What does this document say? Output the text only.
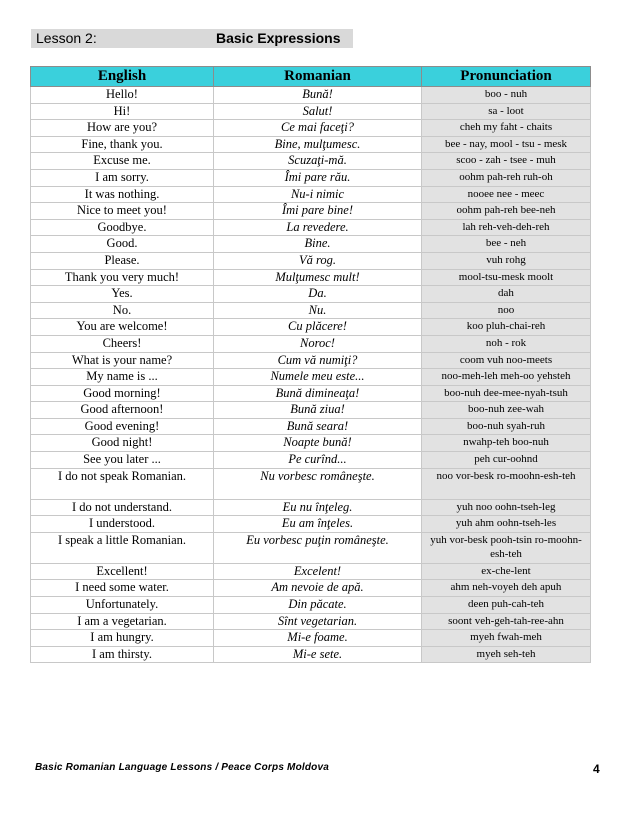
Lesson 2:	Basic Expressions
English	Romanian	Pronunciation
Hello!	Bună!	boo - nuh
Hi!	Salut!	sa - loot
How are you?	Ce mai faceţi?	cheh my faht - chaits
Fine, thank you.	Bine, mulţumesc.	bee - nay, mool - tsu - mesk
Excuse me.	Scuzaţi-mă.	scoo - zah - tsee - muh
I am sorry.	Îmi pare rău.	oohm pah-reh ruh-oh
It was nothing.	Nu-i nimic	nooee nee - meec
Nice to meet you!	Îmi pare bine!	oohm pah-reh bee-neh
Goodbye.	La revedere.	lah reh-veh-deh-reh
Good.	Bine.	bee - neh
Please.	Vă rog.	vuh rohg
Thank you very much!	Mulţumesc mult!	mool-tsu-mesk moolt
Yes.	Da.	dah
No.	Nu.	noo
You are welcome!	Cu plăcere!	koo pluh-chai-reh
Cheers!	Noroc!	noh - rok
What is your name?	Cum vă numiţi?	coom vuh noo-meets
My name is ...	Numele meu este...	noo-meh-leh meh-oo yehsteh
Good morning!	Bună dimineaţa!	boo-nuh dee-mee-nyah-tsuh
Good afternoon!	Bună ziua!	boo-nuh zee-wah
Good evening!	Bună seara!	boo-nuh syah-ruh
Good night!	Noapte bună!	nwahp-teh boo-nuh
See you later ...	Pe curînd...	peh cur-oohnd
I do not speak Romanian.	Nu vorbesc româneşte.	noo vor-besk ro-moohn-esh-teh
I do not understand.	Eu nu înţeleg.	yuh noo oohn-tseh-leg
I understood.	Eu am înţeles.	yuh ahm oohn-tseh-les
I speak a little Romanian.	Eu vorbesc puţin româneşte.	yuh vor-besk pooh-tsin ro-moohn-esh-teh
Excellent!	Excelent!	ex-che-lent
I need some water.	Am nevoie de apă.	ahm neh-voyeh deh apuh
Unfortunately.	Din păcate.	deen puh-cah-teh
I am a vegetarian.	Sînt vegetarian.	soont veh-geh-tah-ree-ahn
I am hungry.	Mi-e foame.	myeh fwah-meh
I am thirsty.	Mi-e sete.	myeh seh-teh
Basic Romanian Language Lessons / Peace Corps Moldova	4
